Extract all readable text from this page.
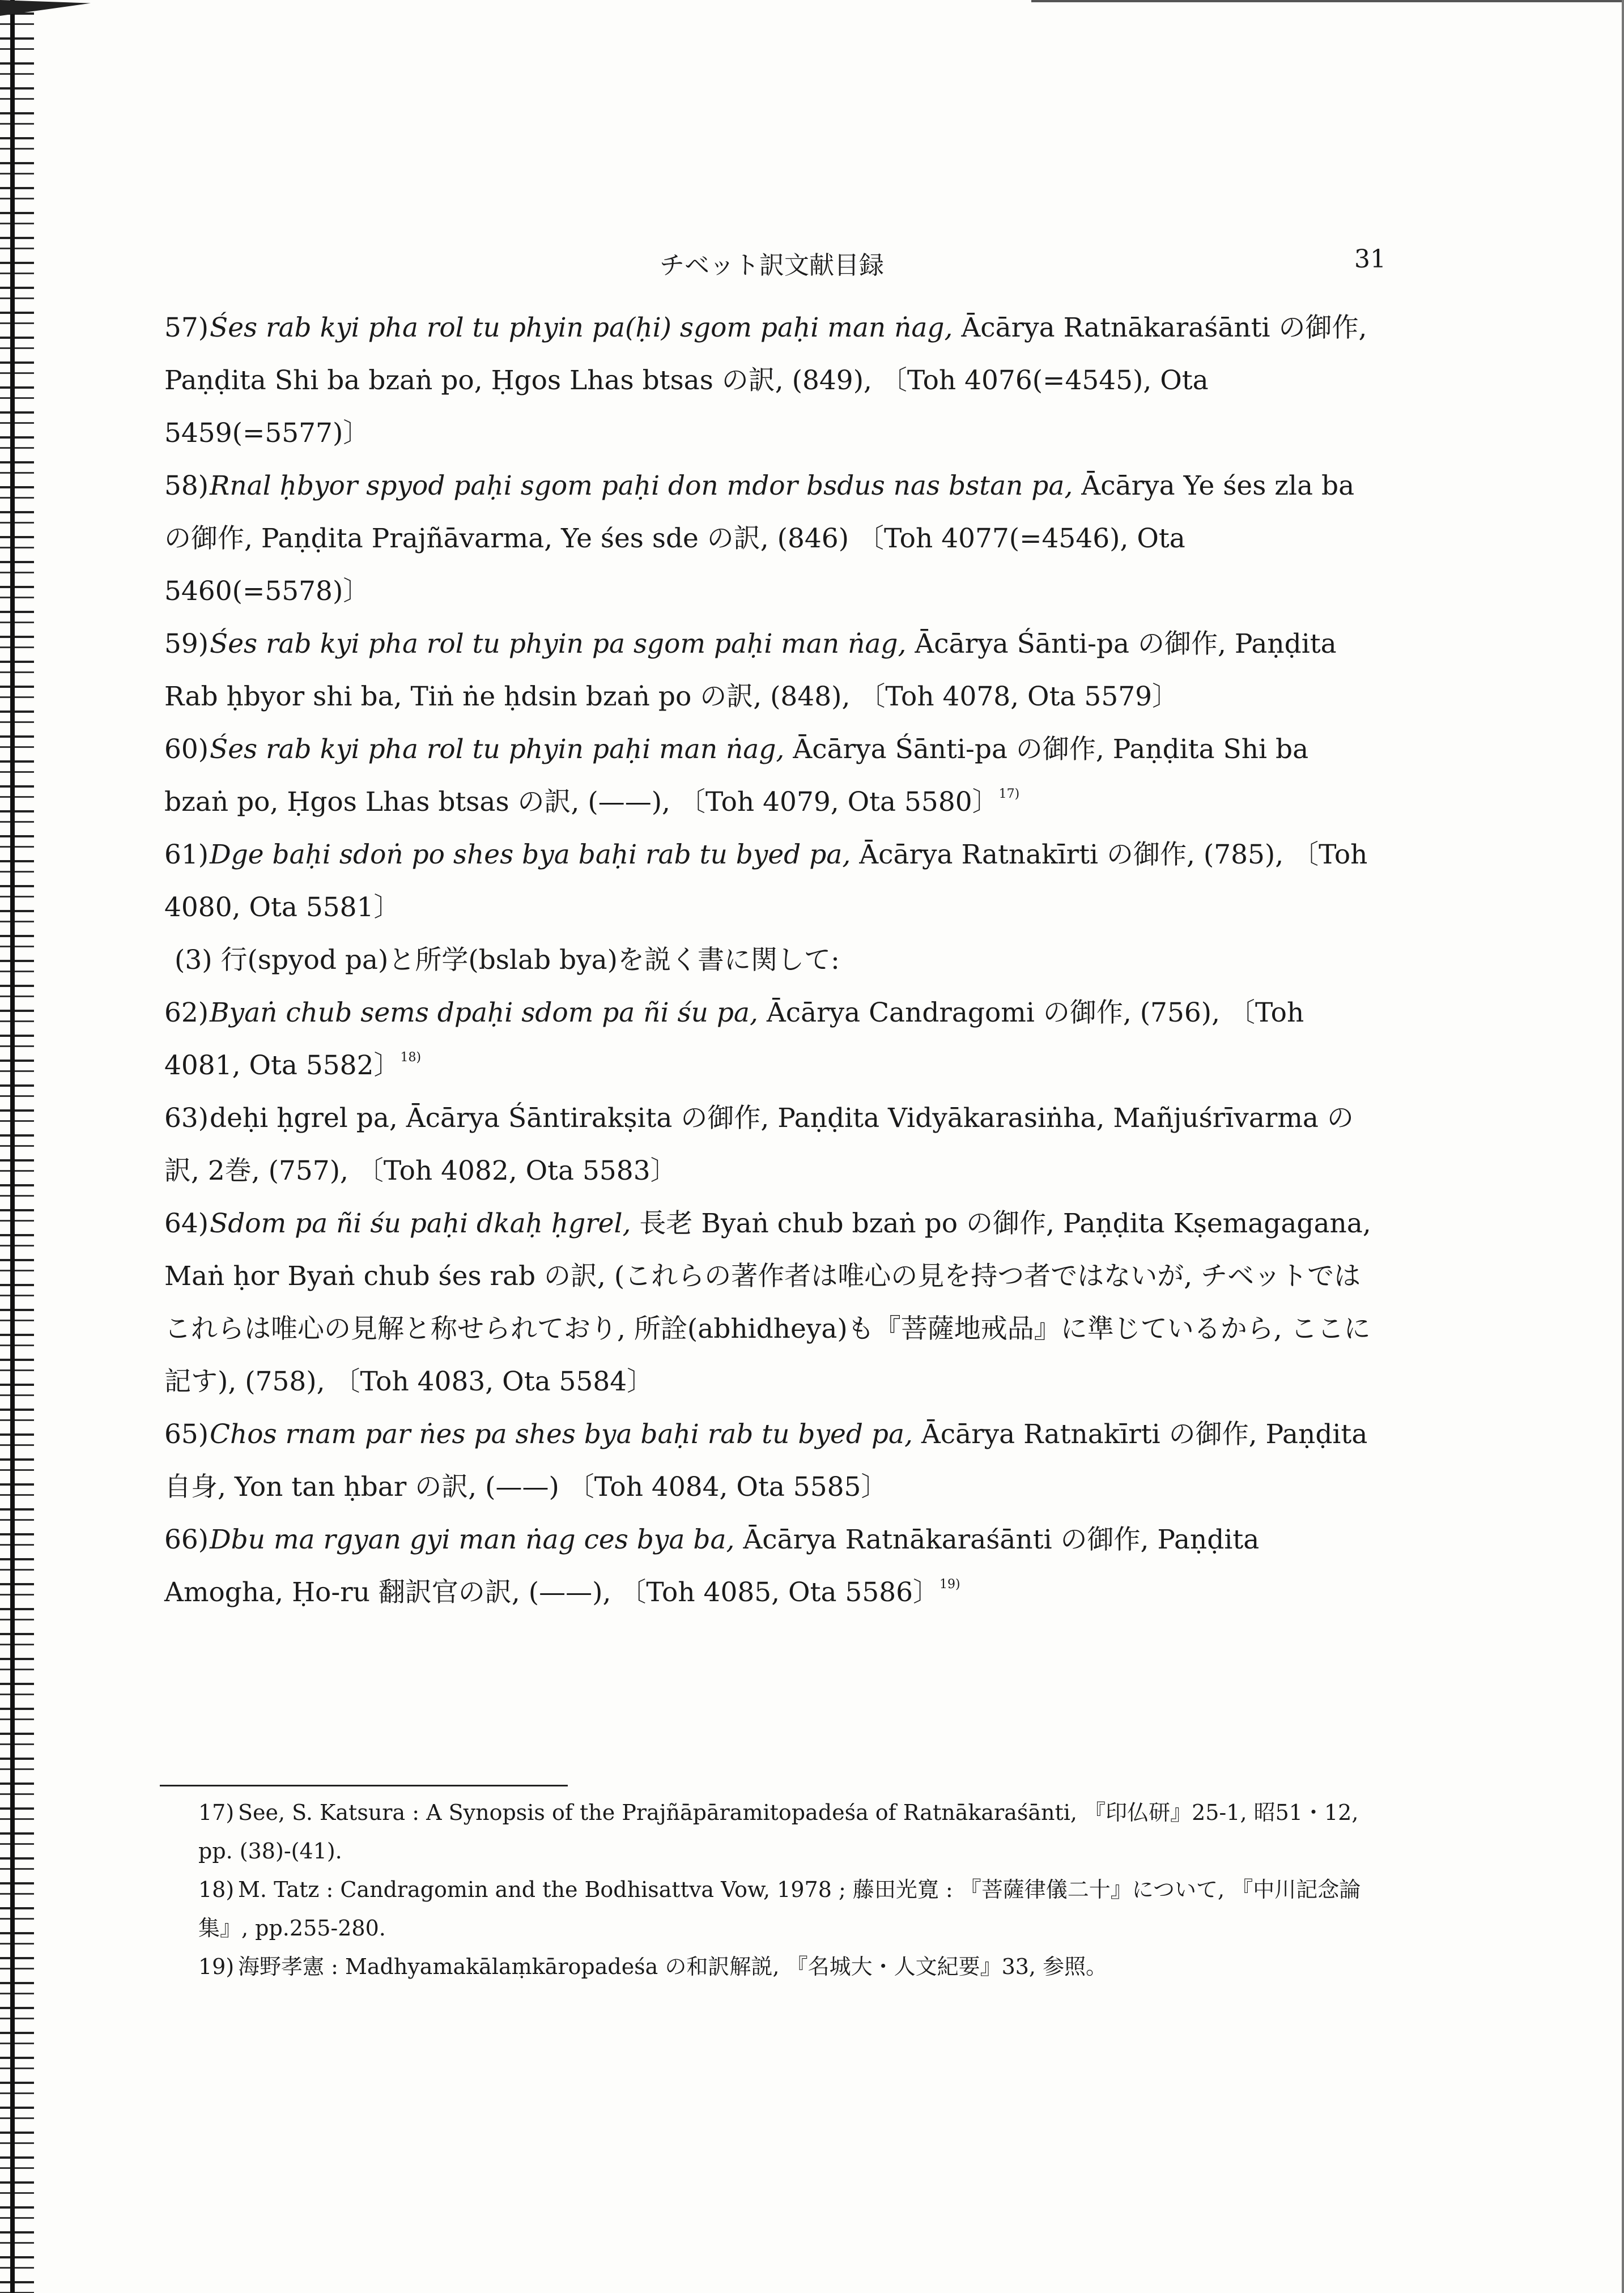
チベット訳文献目録	31
57)Śes rab kyi pha rol tu phyin pa(ḥi) sgom paḥi man ṅag, Ācārya Ratnākaraśānti の御作, Paṇḍita Shi ba bzaṅ po, Ḥgos Lhas btsas の訳, (849), 〔Toh 4076(=4545), Ota 5459(=5577)〕
58)Rnal ḥbyor spyod paḥi sgom paḥi don mdor bsdus nas bstan pa, Ācārya Ye śes zla ba の御作, Paṇḍita Prajñāvarma, Ye śes sde の訳, (846) 〔Toh 4077(=4546), Ota 5460(=5578)〕
59)Śes rab kyi pha rol tu phyin pa sgom paḥi man ṅag, Ācārya Śānti-pa の御作, Paṇḍita Rab ḥbyor shi ba, Tiṅ ṅe ḥdsin bzaṅ po の訳, (848), 〔Toh 4078, Ota 5579〕
60)Śes rab kyi pha rol tu phyin paḥi man ṅag, Ācārya Śānti-pa の御作, Paṇḍita Shi ba bzaṅ po, Ḥgos Lhas btsas の訳, (——), 〔Toh 4079, Ota 5580〕$^{17)}$
61)Dge baḥi sdoṅ po shes bya baḥi rab tu byed pa, Ācārya Ratnakīrti の御作, (785), 〔Toh 4080, Ota 5581〕
(3) 行(spyod pa)と所学(bslab bya)を説く書に関して:
62)Byaṅ chub sems dpaḥi sdom pa ñi śu pa, Ācārya Candragomi の御作, (756), 〔Toh 4081, Ota 5582〕$^{18)}$
63)deḥi ḥgrel pa, Ācārya Śāntirakṣita の御作, Paṇḍita Vidyākarasiṅha, Mañjuśrīvarma の訳, 2巻, (757), 〔Toh 4082, Ota 5583〕
64)Sdom pa ñi śu paḥi dkaḥ ḥgrel, 長老 Byaṅ chub bzaṅ po の御作, Paṇḍita Kṣemagagana, Maṅ ḥor Byaṅ chub śes rab の訳, (これらの著作者は唯心の見を持つ者ではないが, チベットではこれらは唯心の見解と称せられており, 所詮(abhidheya)も『菩薩地戒品』に準じているから, ここに記す), (758), 〔Toh 4083, Ota 5584〕
65)Chos rnam par ṅes pa shes bya baḥi rab tu byed pa, Ācārya Ratnakīrti の御作, Paṇḍita 自身, Yon tan ḥbar の訳, (——) 〔Toh 4084, Ota 5585〕
66)Dbu ma rgyan gyi man ṅag ces bya ba, Ācārya Ratnākaraśānti の御作, Paṇḍita Amogha, Ḥo-ru 翻訳官の訳, (——), 〔Toh 4085, Ota 5586〕$^{19)}$
17) See, S. Katsura : A Synopsis of the Prajñāpāramitopadeśa of Ratnākaraśānti, 『印仏研』25-1, 昭51・12, pp. (38)-(41).
18) M. Tatz : Candragomin and the Bodhisattva Vow, 1978 ; 藤田光寛 : 『菩薩律儀二十』について, 『中川記念論集』, pp.255-280.
19) 海野孝憲 : Madhyamakālaṃkāropadeśa の和訳解説, 『名城大・人文紀要』33, 参照。
